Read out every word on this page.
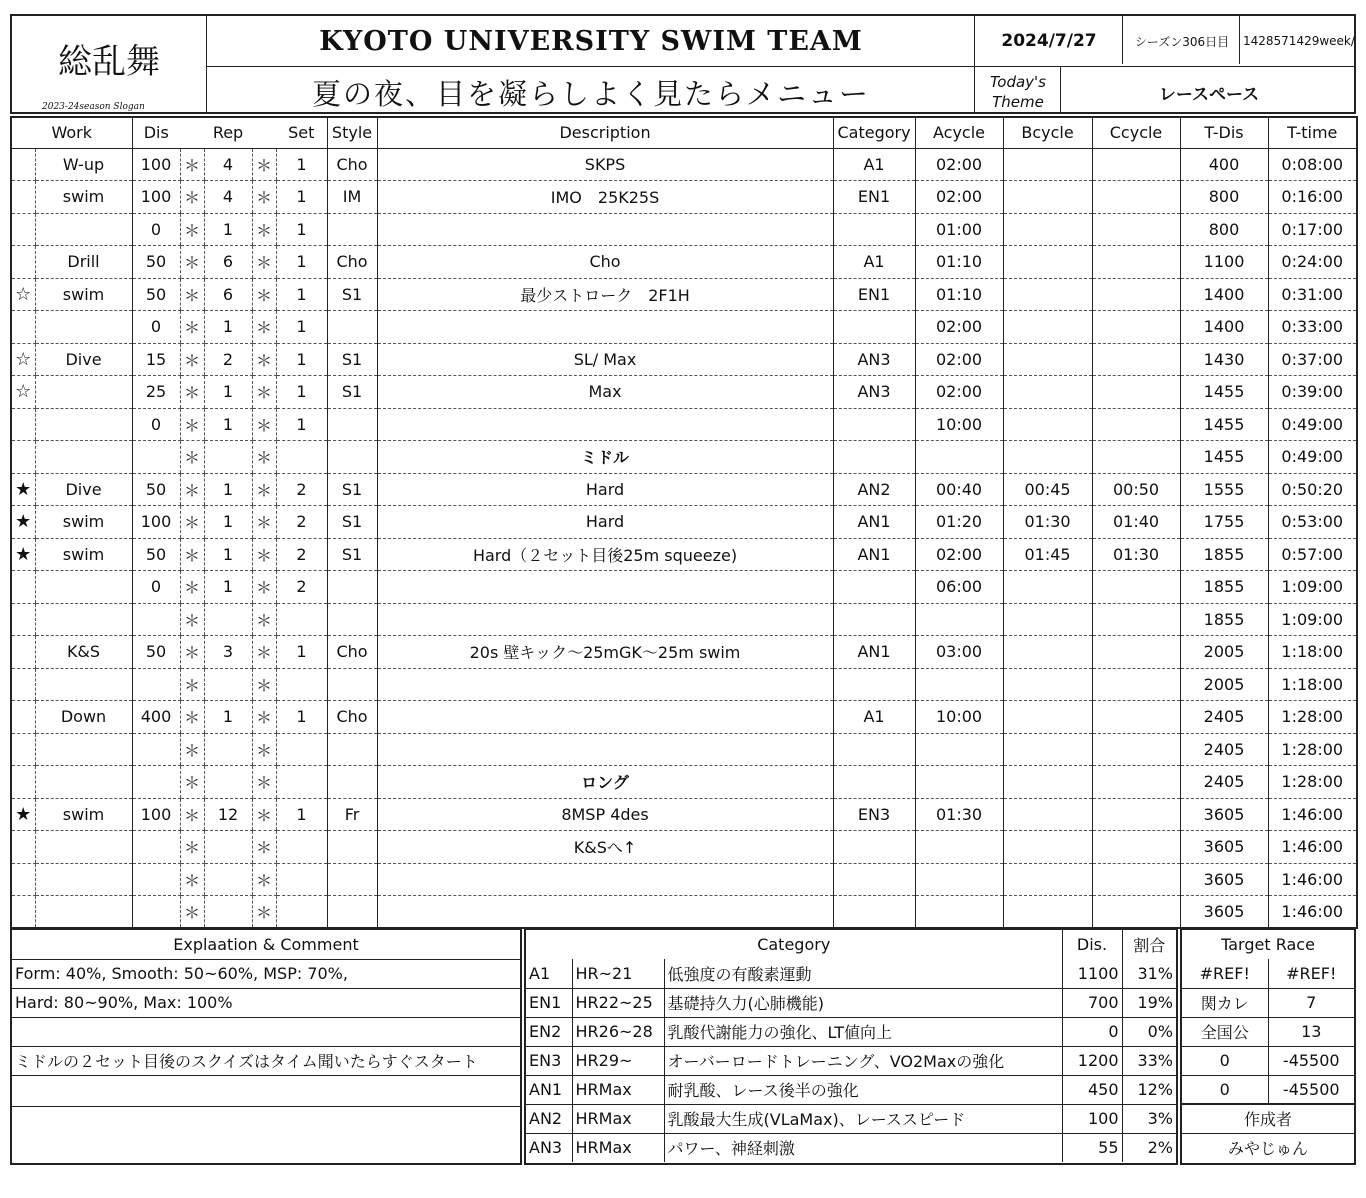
総乱舞
2023-24season Slogan
KYOTO UNIVERSITY SWIM TEAM
夏の夜、目を凝らしよく見たらメニュー
2024/7/27	シーズン306日目	1428571429week/
Today's
Theme	レースペース
Work		Dis		Rep		Set	Style	Description	Category	Acycle	Bcycle	Ccycle	T-Dis	T-time
	W-up	100	＊	4	＊	1	Cho	SKPS	A1	02:00			400	0:08:00
	swim	100	＊	4	＊	1	IM	IMO　25K25S	EN1	02:00			800	0:16:00
		0	＊	1	＊	1				01:00			800	0:17:00
	Drill	50	＊	6	＊	1	Cho	Cho	A1	01:10			1100	0:24:00
☆	swim	50	＊	6	＊	1	S1	最少ストローク　2F1H	EN1	01:10			1400	0:31:00
		0	＊	1	＊	1				02:00			1400	0:33:00
☆	Dive	15	＊	2	＊	1	S1	SL/ Max	AN3	02:00			1430	0:37:00
☆		25	＊	1	＊	1	S1	Max	AN3	02:00			1455	0:39:00
		0	＊	1	＊	1				10:00			1455	0:49:00
			＊		＊			ミドル					1455	0:49:00
★	Dive	50	＊	1	＊	2	S1	Hard	AN2	00:40	00:45	00:50	1555	0:50:20
★	swim	100	＊	1	＊	2	S1	Hard	AN1	01:20	01:30	01:40	1755	0:53:00
★	swim	50	＊	1	＊	2	S1	Hard（２セット目後25m squeeze)	AN1	02:00	01:45	01:30	1855	0:57:00
		0	＊	1	＊	2				06:00			1855	1:09:00
			＊		＊								1855	1:09:00
	K&S	50	＊	3	＊	1	Cho	20s 壁キック～25mGK～25m swim	AN1	03:00			2005	1:18:00
			＊		＊								2005	1:18:00
	Down	400	＊	1	＊	1	Cho		A1	10:00			2405	1:28:00
			＊		＊								2405	1:28:00
			＊		＊			ロング					2405	1:28:00
★	swim	100	＊	12	＊	1	Fr	8MSP 4des	EN3	01:30			3605	1:46:00
			＊		＊			K&Sへ↑					3605	1:46:00
			＊		＊								3605	1:46:00
			＊		＊								3605	1:46:00
Explaation & Comment
Form: 40%, Smooth: 50~60%, MSP: 70%,
Hard: 80~90%, Max: 100%

ミドルの２セット目後のスクイズはタイム聞いたらすぐスタート

Category			Dis.	割合
A1	HR~21	低強度の有酸素運動	1100	31%
EN1	HR22~25	基礎持久力(心肺機能)	700	19%
EN2	HR26~28	乳酸代謝能力の強化、LT値向上	0	0%
EN3	HR29~	オーバーロードトレーニング、VO2Maxの強化	1200	33%
AN1	HRMax	耐乳酸、レース後半の強化	450	12%
AN2	HRMax	乳酸最大生成(VLaMax)、レーススピード	100	3%
AN3	HRMax	パワー、神経刺激	55	2%
Target Race	
#REF!	#REF!
関カレ	7
全国公	13
0	-45500
0	-45500
作成者	
みやじゅん	
